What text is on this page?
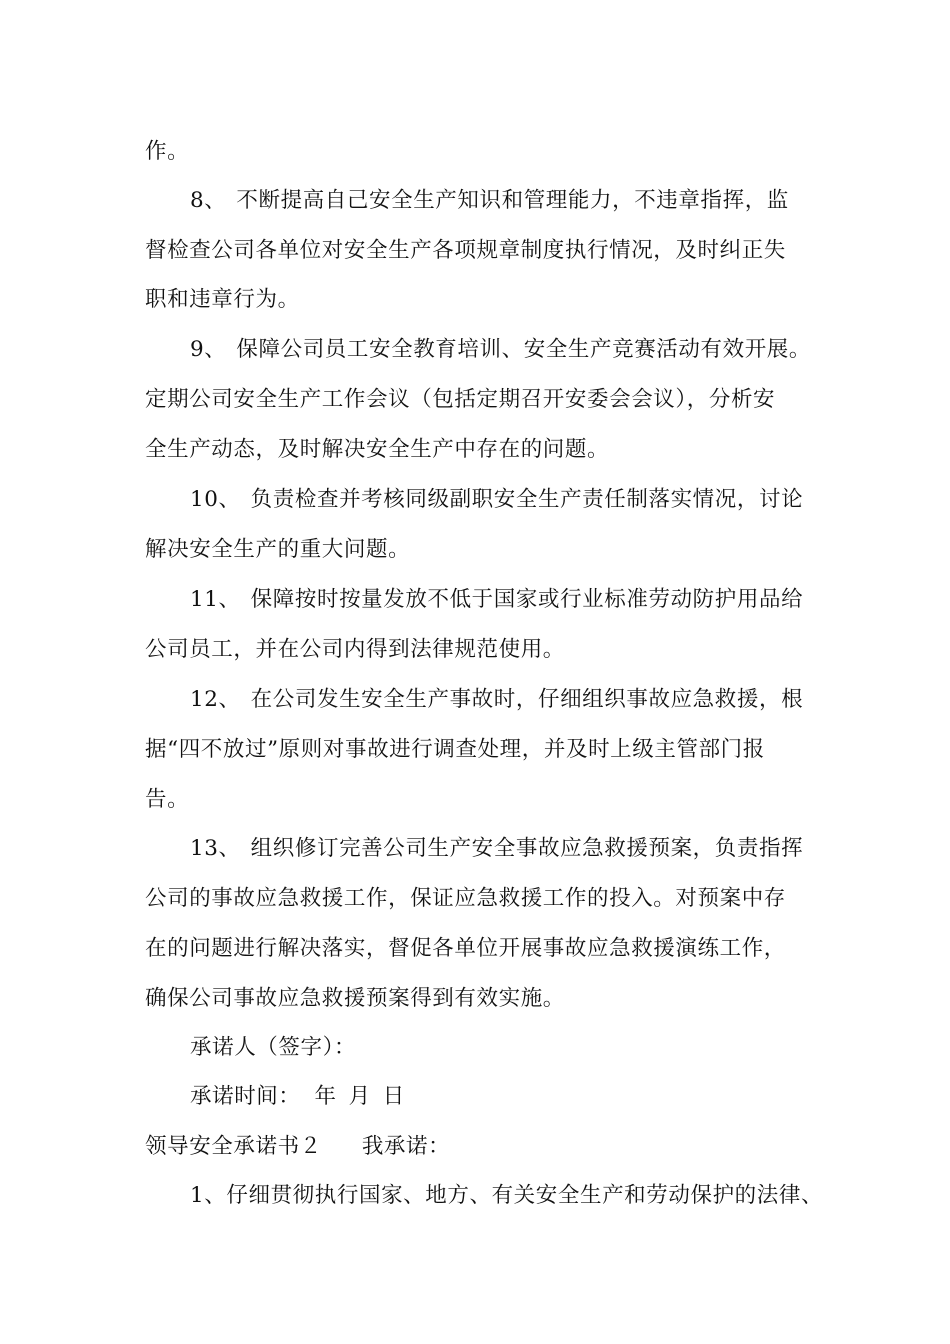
作。
8、 不断提高自己安全生产知识和管理能力，不违章指挥，监
督检查公司各单位对安全生产各项规章制度执行情况，及时纠正失
职和违章行为。
9、 保障公司员工安全教育培训、安全生产竞赛活动有效开展。
定期公司安全生产工作会议（包括定期召开安委会会议），分析安
全生产动态，及时解决安全生产中存在的问题。
10、 负责检查并考核同级副职安全生产责任制落实情况，讨论
解决安全生产的重大问题。
11、 保障按时按量发放不低于国家或行业标准劳动防护用品给
公司员工，并在公司内得到法律规范使用。
12、 在公司发生安全生产事故时，仔细组织事故应急救援，根
据“四不放过”原则对事故进行调查处理，并及时上级主管部门报
告。
13、 组织修订完善公司生产安全事故应急救援预案，负责指挥
公司的事故应急救援工作，保证应急救援工作的投入。对预案中存
在的问题进行解决落实，督促各单位开展事故应急救援演练工作，
确保公司事故应急救援预案得到有效实施。
承诺人（签字）：
承诺时间： 年 月 日
领导安全承诺书２ 我承诺：
1、仔细贯彻执行国家、地方、有关安全生产和劳动保护的法律、
